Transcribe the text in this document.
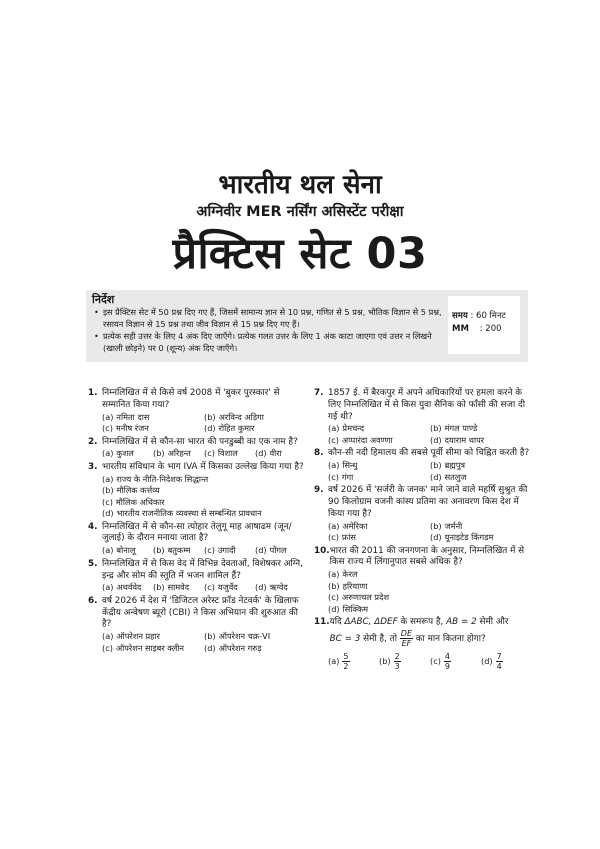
भारतीय थल सेना
अग्निवीर MER नर्सिंग असिस्टेंट परीक्षा
प्रैक्टिस सेट 03
निर्देश
• इस प्रैक्टिस सेट में 50 प्रश्न दिए गए हैं, जिसमें सामान्य ज्ञान से 10 प्रश्न, गणित से 5 प्रश्न, भौतिक विज्ञान से 5 प्रश्न, रसायन विज्ञान से 15 प्रश्न तथा जीव विज्ञान से 15 प्रश्न दिए गए हैं।
• प्रत्येक सही उत्तर के लिए 4 अंक दिए जाएँगे। प्रत्येक गलत उत्तर के लिए 1 अंक काटा जाएगा एवं उत्तर न लिखने (खाली छोड़ने) पर 0 (शून्य) अंक दिए जाएँगे।
समय : 60 मिनट
MM : 200
1. निम्नलिखित में से किसे वर्ष 2008 में 'बुकर पुरस्कार' से सम्मानित किया गया?
(a) नमिता दास	(b) अरविन्द अडिगा
(c) मनीष रंजन	(d) रोहित कुमार
2. निम्नलिखित में से कौन-सा भारत की पनडुब्बी का एक नाम है?
(a) कुशल	(b) अरिहन्त	(c) विशाल	(d) वीरा
3. भारतीय संविधान के भाग IVA में किसका उल्लेख किया गया है?
(a) राज्य के नीति-निदेशक सिद्धान्त
(b) मौलिक कर्त्तव्य
(c) मौलिक अधिकार
(d) भारतीय राजनीतिक व्यवस्था से सम्बन्धित प्रावधान
4. निम्नलिखित में से कौन-सा त्योहार तेलुगू माह आषाढम (जून/जुलाई) के दौरान मनाया जाता है?
(a) बोनालू	(b) बतुकम्म	(c) उगादी	(d) पोंगल
5. निम्नलिखित में से किस वेद में विभिन्न देवताओं, विशेषकर अग्नि, इन्द्र और सोम की स्तुति में भजन शामिल हैं?
(a) अथर्ववेद	(b) सामवेद	(c) यजुर्वेद	(d) ऋग्वेद
6. वर्ष 2026 में देश में 'डिजिटल अरेस्ट फ्रॉड नेटवर्क' के खिलाफ केंद्रीय अन्वेषण ब्यूरो (CBI) ने किस अभियान की शुरुआत की है?
(a) ऑपरेशन प्रहार	(b) ऑपरेशन चक्र-VI
(c) ऑपरेशन साइबर क्लीन	(d) ऑपरेशन गरुड़
7. 1857 ई. में बैरकपुर में अपने अधिकारियों पर हमला करने के लिए निम्नलिखित में से किस युवा सैनिक को फाँसी की सजा दी गई थी?
(a) प्रेमचन्द	(b) मंगल पाण्डे
(c) अप्पारंदा अवण्णा	(d) दयाराम थापर
8. कौन-सी नदी हिमालय की सबसे पूर्वी सीमा को चिह्नित करती है?
(a) सिन्धु	(b) ब्रह्मपुत्र
(c) गंगा	(d) सतलुज
9. वर्ष 2026 में 'सर्जरी के जनक' माने जाने वाले महर्षि सुश्रुत की 90 किलोग्राम वजनी कांस्य प्रतिमा का अनावरण किस देश में किया गया है?
(a) अमेरिका	(b) जर्मनी
(c) फ्रांस	(d) यूनाइटेड किंगडम
10. भारत की 2011 की जनगणना के अनुसार, निम्नलिखित में से किस राज्य में लिंगानुपात सबसे अधिक है?
(a) केरल
(b) हरियाणा
(c) अरुणाचल प्रदेश
(d) सिक्किम
11. यदि ΔABC, ΔDEF के समरूप है, AB = 2 सेमी और
BC = 3 सेमी है, तो $\frac{DE}{EF}$ का मान कितना होगा?
$(a) \frac{5}{2}$	$(b) \frac{2}{3}$	$(c) \frac{4}{9}$	$(d) \frac{7}{4}$
